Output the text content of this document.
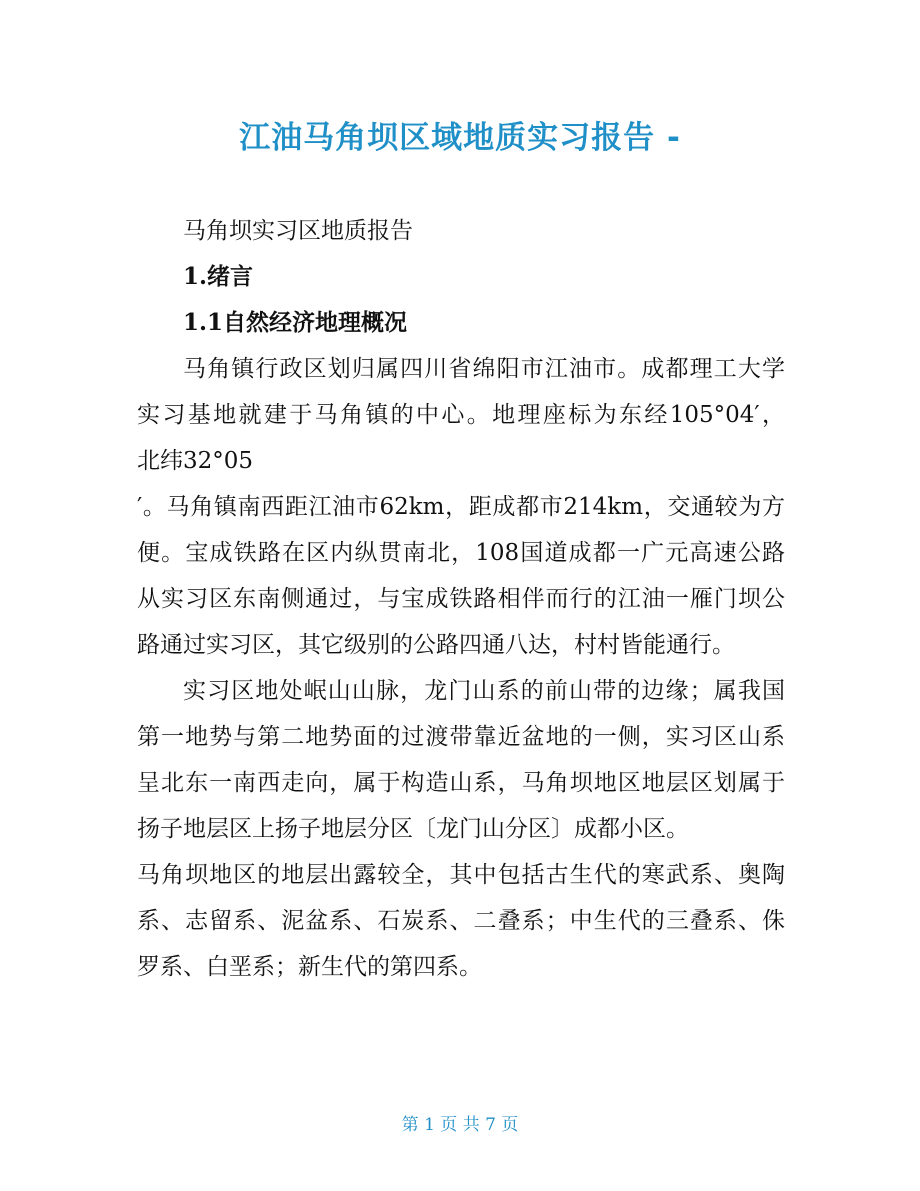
江油马角坝区域地质实习报告 -
马角坝实习区地质报告
1.绪言
1.1自然经济地理概况
马角镇行政区划归属四川省绵阳市江油市。成都理工大学
实习基地就建于马角镇的中心。地理座标为东经105°04′，
北纬32°05
′。马角镇南西距江油市62km，距成都市214km，交通较为方
便。宝成铁路在区内纵贯南北，108国道成都一广元高速公路
从实习区东南侧通过，与宝成铁路相伴而行的江油一雁门坝公
路通过实习区，其它级别的公路四通八达，村村皆能通行。
实习区地处岷山山脉，龙门山系的前山带的边缘；属我国
第一地势与第二地势面的过渡带靠近盆地的一侧，实习区山系
呈北东一南西走向，属于构造山系，马角坝地区地层区划属于
扬子地层区上扬子地层分区〔龙门山分区〕成都小区。
马角坝地区的地层出露较全，其中包括古生代的寒武系、奥陶
系、志留系、泥盆系、石炭系、二叠系；中生代的三叠系、侏
罗系、白垩系；新生代的第四系。
第 1 页 共 7 页
